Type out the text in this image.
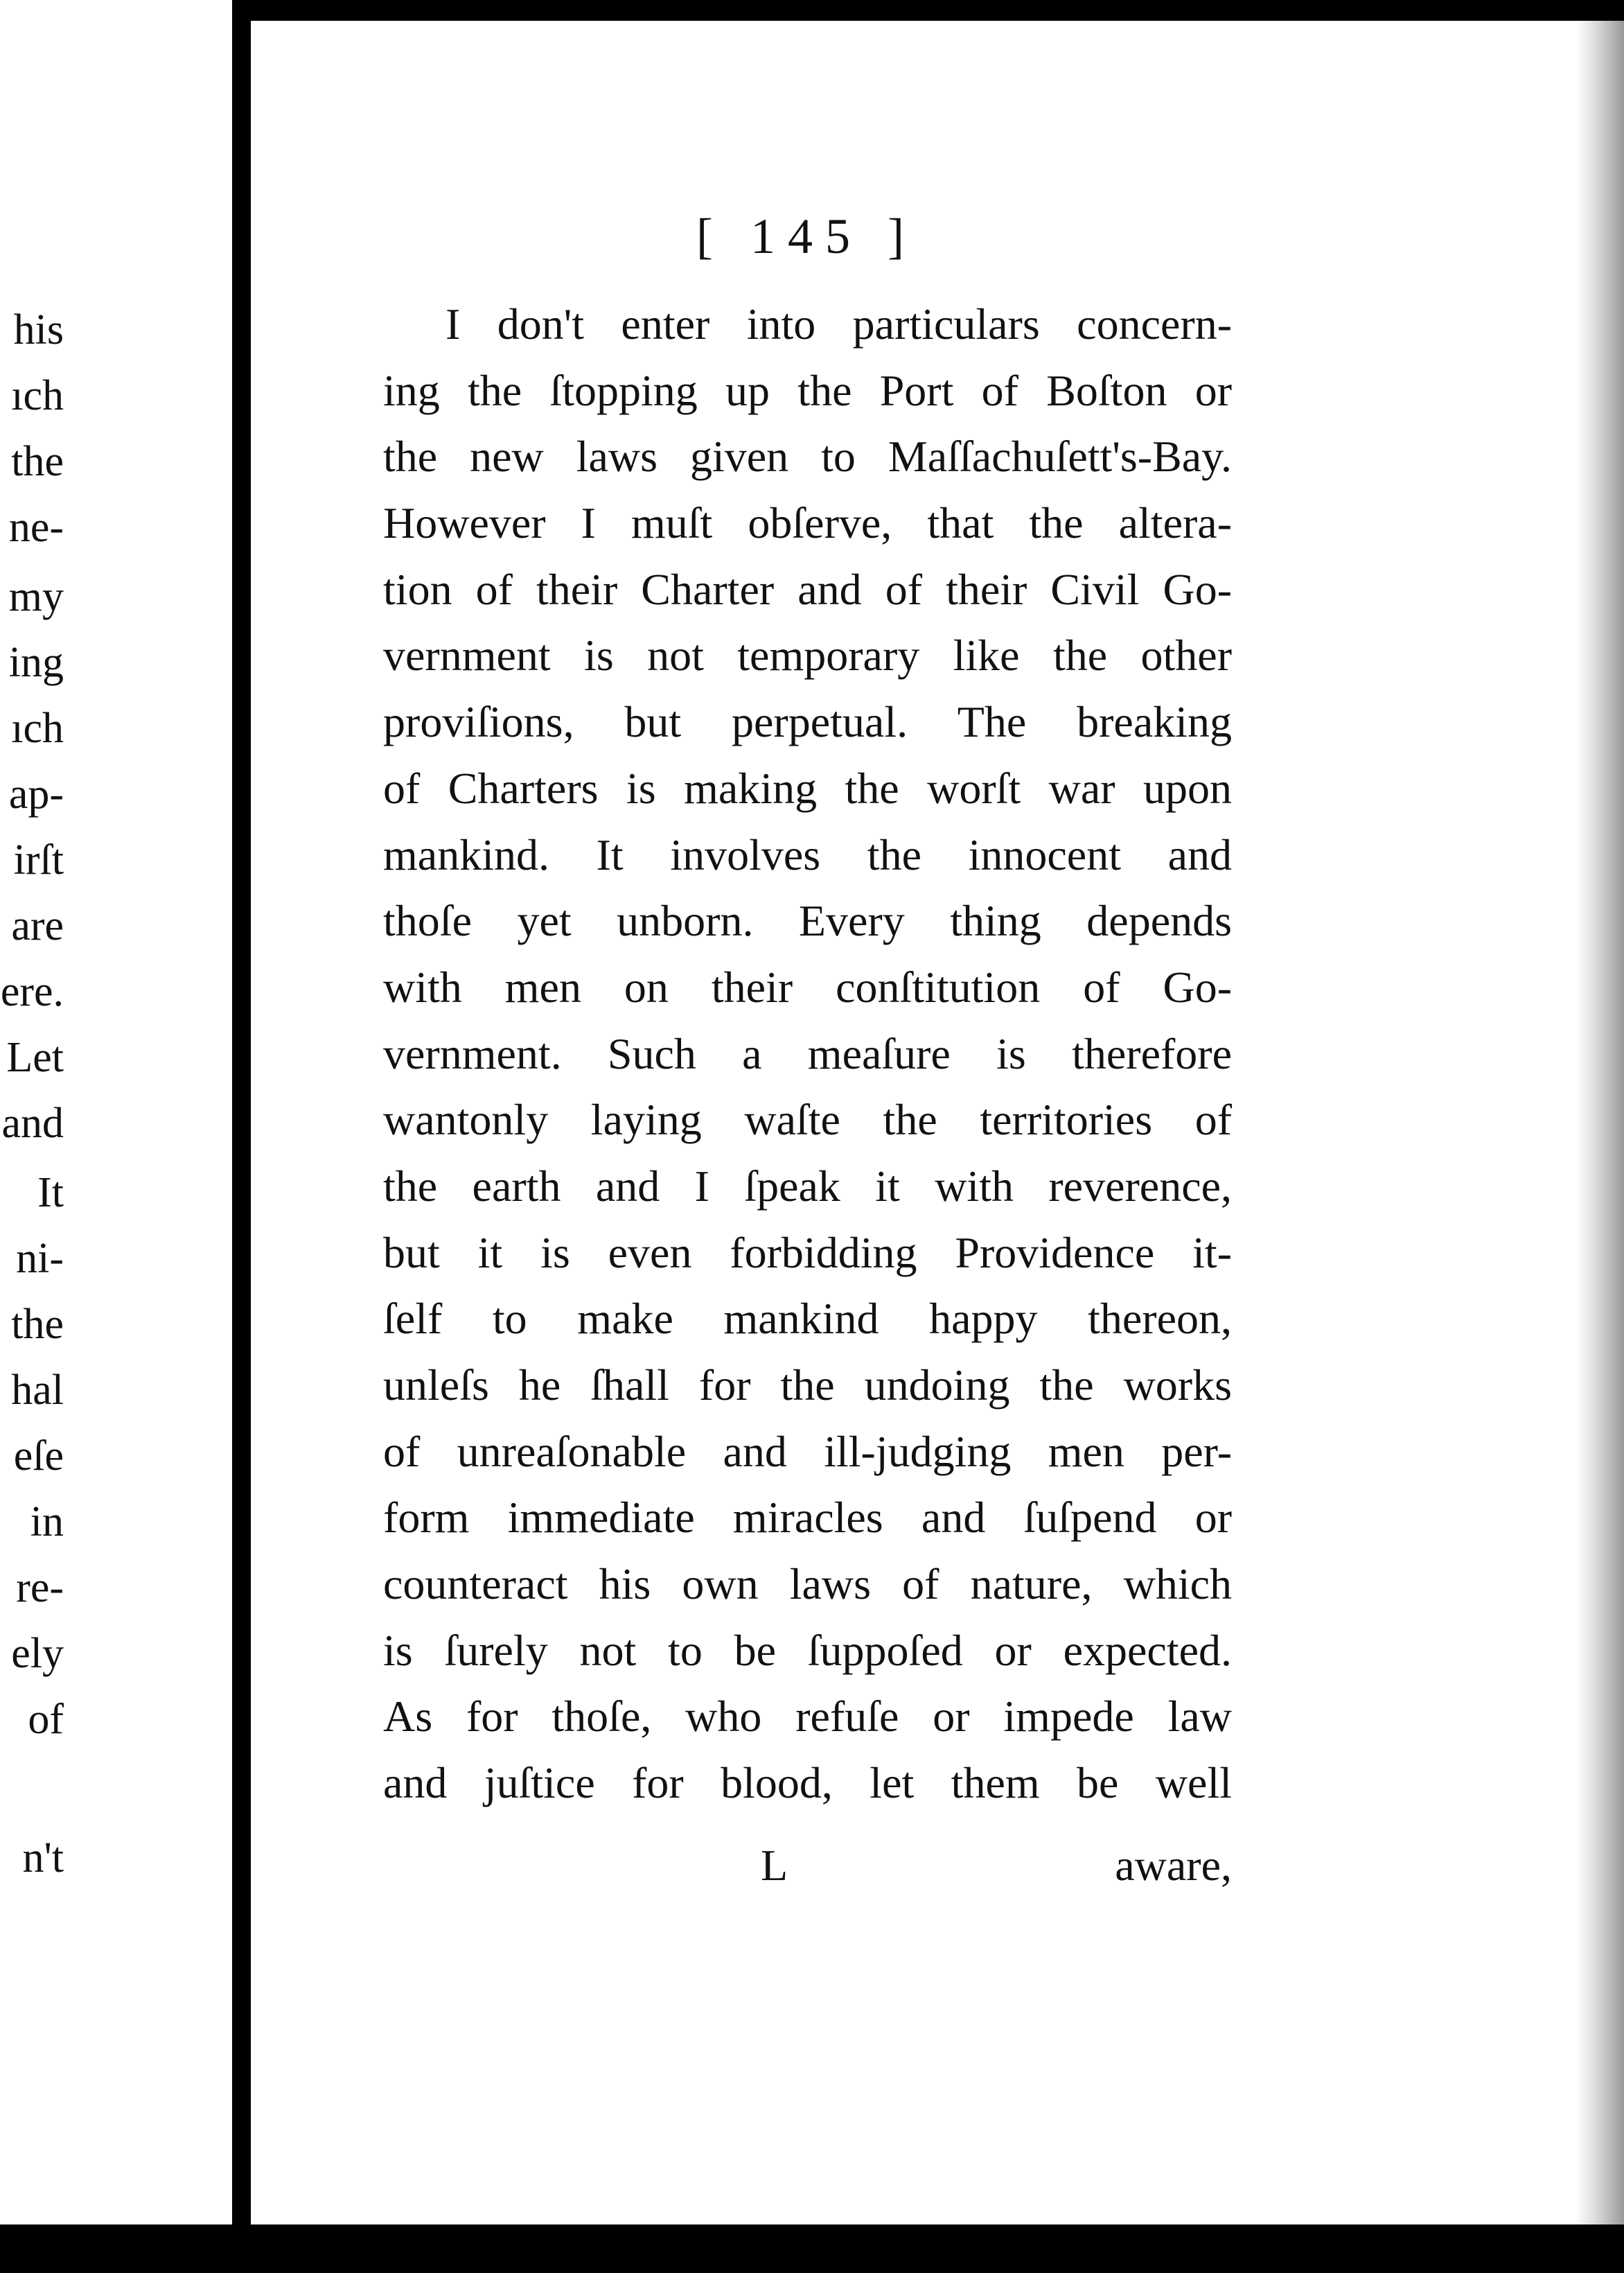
his
ıch
the
ne-
my
ing
ıch
ap-
irſt
are
ere.
Let
and
It
ni-
the
hal
eſe
in
re-
ely
of
n't
[ 145 ]
I don't enter into particulars concern-
ing the ſtopping up the Port of Boſton or
the new laws given to Maſſachuſett's-Bay.
However I muſt obſerve, that the altera-
tion of their Charter and of their Civil Go-
vernment is not temporary like the other
proviſions, but perpetual. The breaking
of Charters is making the worſt war upon
mankind. It involves the innocent and
thoſe yet unborn. Every thing depends
with men on their conſtitution of Go-
vernment. Such a meaſure is therefore
wantonly laying waſte the territories of
the earth and I ſpeak it with reverence,
but it is even forbidding Providence it-
ſelf to make mankind happy thereon,
unleſs he ſhall for the undoing the works
of unreaſonable and ill-judging men per-
form immediate miracles and ſuſpend or
counteract his own laws of nature, which
is ſurely not to be ſuppoſed or expected.
As for thoſe, who refuſe or impede law
and juſtice for blood, let them be well
L	aware,
